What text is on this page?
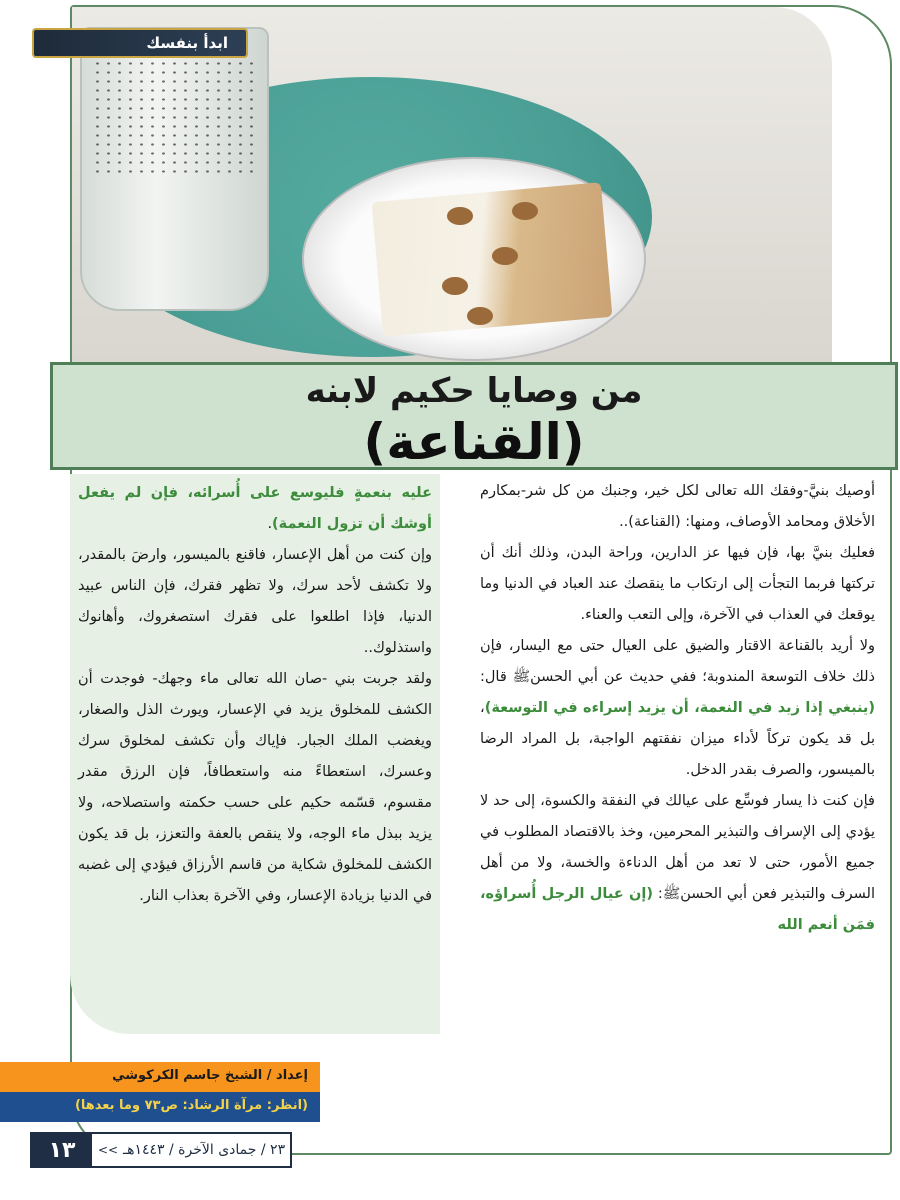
ابدأ بنفسك
من وصايا حكيم لابنه
(القناعة)

أوصيك بنيَّ-وفقك الله تعالى لكل خير، وجنبك من كل شر-بمكارم الأخلاق ومحامد الأوصاف، ومنها: (القناعة)..

فعليك بنيَّ بها، فإن فيها عز الدارين، وراحة البدن، وذلك أنك أن تركتها فربما التجأت إلى ارتكاب ما ينقصك عند العباد في الدنيا وما يوقعك في العذاب في الآخرة، وإلى التعب والعناء.

ولا أريد بالقناعة الاقتار والضيق على العيال حتى مع اليسار، فإن ذلك خلاف التوسعة المندوبة؛ ففي حديث عن أبي الحسن‎ﷺ قال: (ينبغي إذا زيد في النعمة، أن يزيد إسراءه في التوسعة)، بل قد يكون تركاً لأداء ميزان نفقتهم الواجبة، بل المراد الرضا بالميسور، والصرف بقدر الدخل.

فإن كنت ذا يسار فوسِّع على عيالك في النفقة والكسوة، إلى حد لا يؤدي إلى الإسراف والتبذير المحرمين، وخذ بالاقتصاد المطلوب في جميع الأمور، حتى لا تعد من أهل الدناءة والخسة، ولا من أهل السرف والتبذير فعن أبي الحسن‎ﷺ: (إن عيال الرجل أُسراؤه، فمَن أنعم الله

عليه بنعمةٍ فليوسع على أُسرائه، فإن لم يفعل أوشك أن تزول النعمة).

وإن كنت من أهل الإعسار، فاقنع بالميسور، وارضَ بالمقدر، ولا تكشف لأحد سرك، ولا تظهر فقرك، فإن الناس عبيد الدنيا، فإذا اطلعوا على فقرك استصغروك، وأهانوك واستذلوك..

ولقد جربت بني -صان الله تعالى ماء وجهك- فوجدت أن الكشف للمخلوق يزيد في الإعسار، ويورث الذل والصغار، ويغضب الملك الجبار. فإياك وأن تكشف لمخلوق سرك وعسرك، استعطاءً منه واستعطافاً، فإن الرزق مقدر مقسوم، قسّمه حكيم على حسب حكمته واستصلاحه، ولا يزيد ببذل ماء الوجه، ولا ينقص بالعفة والتعزز، بل قد يكون الكشف للمخلوق شكاية من قاسم الأرزاق فيؤدي إلى غضبه في الدنيا بزيادة الإعسار، وفي الآخرة بعذاب النار.

إعداد / الشيخ جاسم الكركوشي
(انظر: مرآة الرشاد: ص٧٣ وما بعدها)
١٣	<< ٢٣ / جمادى الآخرة / ١٤٤٣هـ
